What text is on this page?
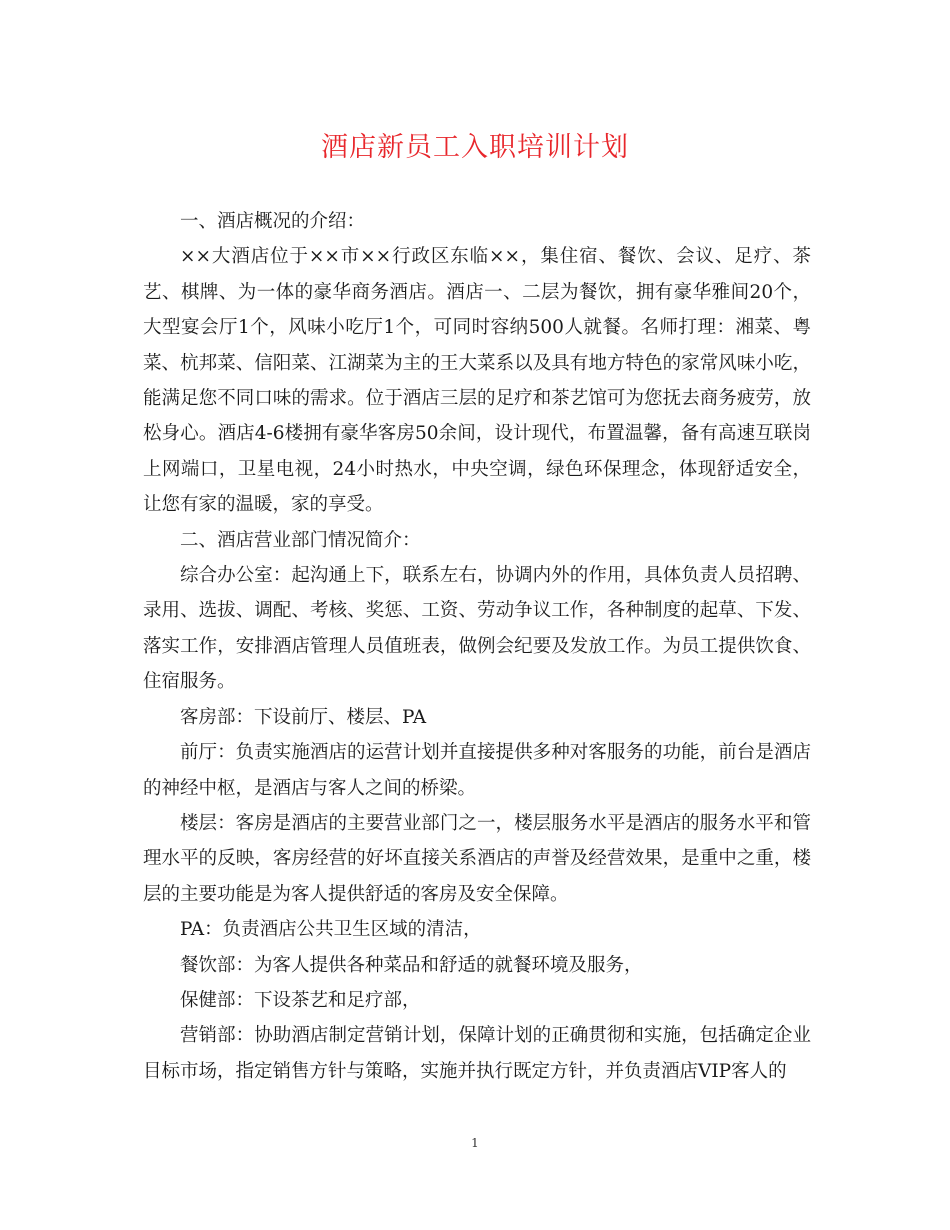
酒店新员工入职培训计划

一、酒店概况的介绍：

××大酒店位于××市××行政区东临××，集住宿、餐饮、会议、足疗、茶艺、棋牌、为一体的豪华商务酒店。酒店一、二层为餐饮，拥有豪华雅间20个，大型宴会厅1个，风味小吃厅1个，可同时容纳500人就餐。名师打理：湘菜、粤菜、杭邦菜、信阳菜、江湖菜为主的王大菜系以及具有地方特色的家常风味小吃，能满足您不同口味的需求。位于酒店三层的足疗和茶艺馆可为您抚去商务疲劳，放松身心。酒店4-6楼拥有豪华客房50余间，设计现代，布置温馨，备有高速互联岗上网端口，卫星电视，24小时热水，中央空调，绿色环保理念，体现舒适安全，让您有家的温暖，家的享受。

二、酒店营业部门情况简介：

综合办公室：起沟通上下，联系左右，协调内外的作用，具体负责人员招聘、录用、选拔、调配、考核、奖惩、工资、劳动争议工作，各种制度的起草、下发、落实工作，安排酒店管理人员值班表，做例会纪要及发放工作。为员工提供饮食、住宿服务。

客房部：下设前厅、楼层、PA

前厅：负责实施酒店的运营计划并直接提供多种对客服务的功能，前台是酒店的神经中枢，是酒店与客人之间的桥梁。

楼层：客房是酒店的主要营业部门之一，楼层服务水平是酒店的服务水平和管理水平的反映，客房经营的好坏直接关系酒店的声誉及经营效果，是重中之重，楼层的主要功能是为客人提供舒适的客房及安全保障。

PA：负责酒店公共卫生区域的清洁，

餐饮部：为客人提供各种菜品和舒适的就餐环境及服务，

保健部：下设茶艺和足疗部，

营销部：协助酒店制定营销计划，保障计划的正确贯彻和实施，包括确定企业目标市场，指定销售方针与策略，实施并执行既定方针，并负责酒店VIP客人的

1
